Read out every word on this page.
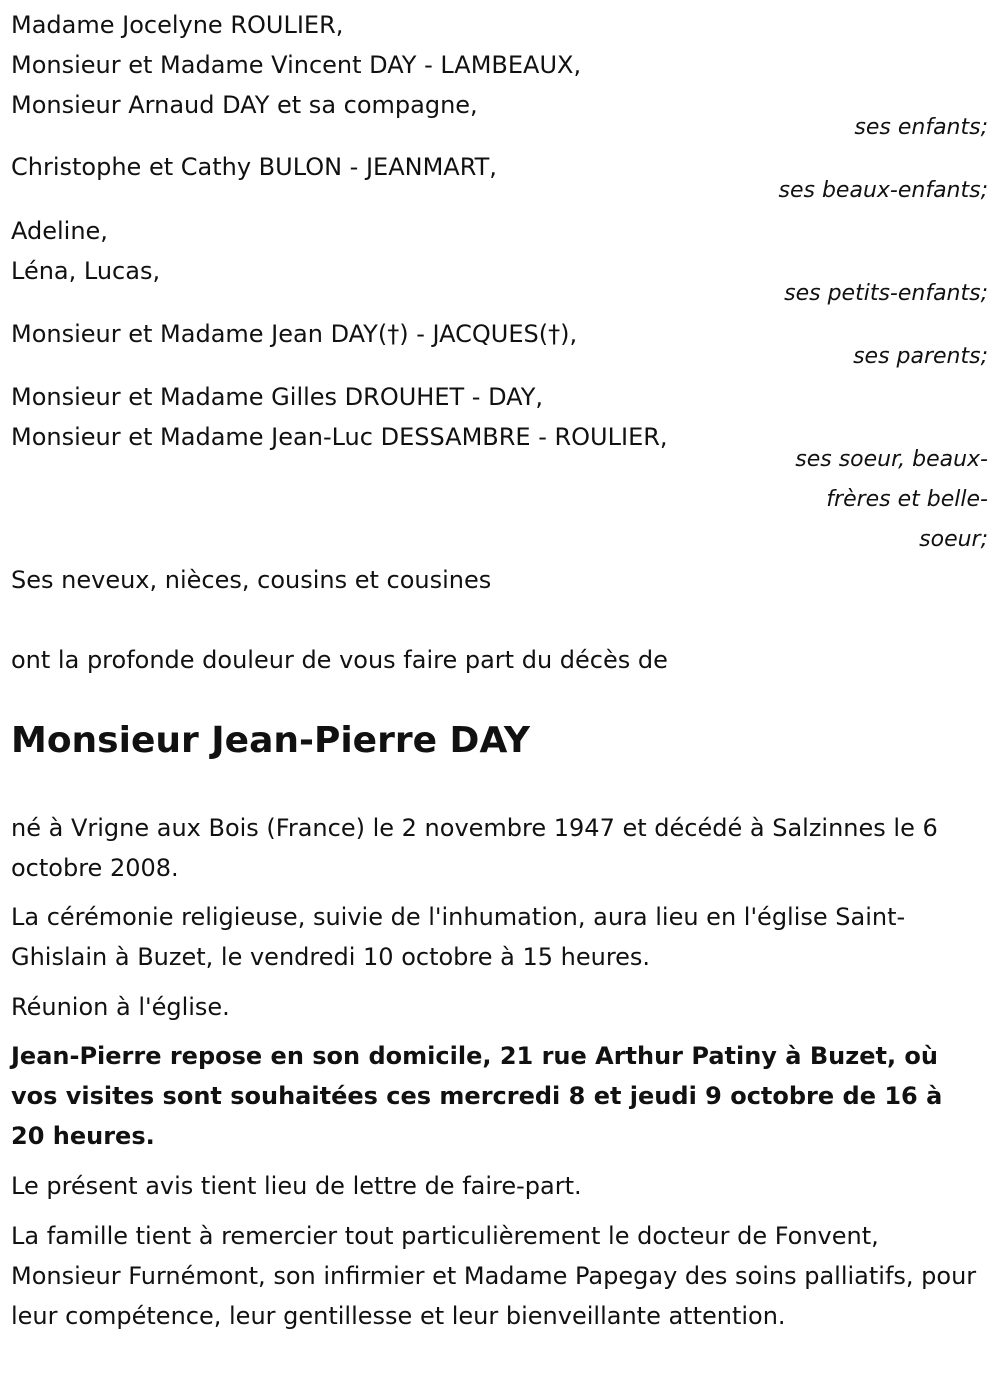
Madame Jocelyne ROULIER,

Monsieur et Madame Vincent DAY - LAMBEAUX,

Monsieur Arnaud DAY et sa compagne,

ses enfants;

Christophe et Cathy BULON - JEANMART,

ses beaux-enfants;

Adeline,

Léna, Lucas,

ses petits-enfants;

Monsieur et Madame Jean DAY(†) - JACQUES(†),

ses parents;

Monsieur et Madame Gilles DROUHET - DAY,

Monsieur et Madame Jean-Luc DESSAMBRE - ROULIER,

ses soeur, beaux-

frères et belle-

soeur;

Ses neveux, nièces, cousins et cousines

ont la profonde douleur de vous faire part du décès de

Monsieur Jean-Pierre DAY

né à Vrigne aux Bois (France) le 2 novembre 1947 et décédé à Salzinnes le 6 octobre 2008.

La cérémonie religieuse, suivie de l'inhumation, aura lieu en l'église Saint-Ghislain à Buzet, le vendredi 10 octobre à 15 heures.

Réunion à l'église.

Jean-Pierre repose en son domicile, 21 rue Arthur Patiny à Buzet, où vos visites sont souhaitées ces mercredi 8 et jeudi 9 octobre de 16 à 20 heures.

Le présent avis tient lieu de lettre de faire-part.

La famille tient à remercier tout particulièrement le docteur de Fonvent, Monsieur Furnémont, son infirmier et Madame Papegay des soins palliatifs, pour leur compétence, leur gentillesse et leur bienveillante attention.
